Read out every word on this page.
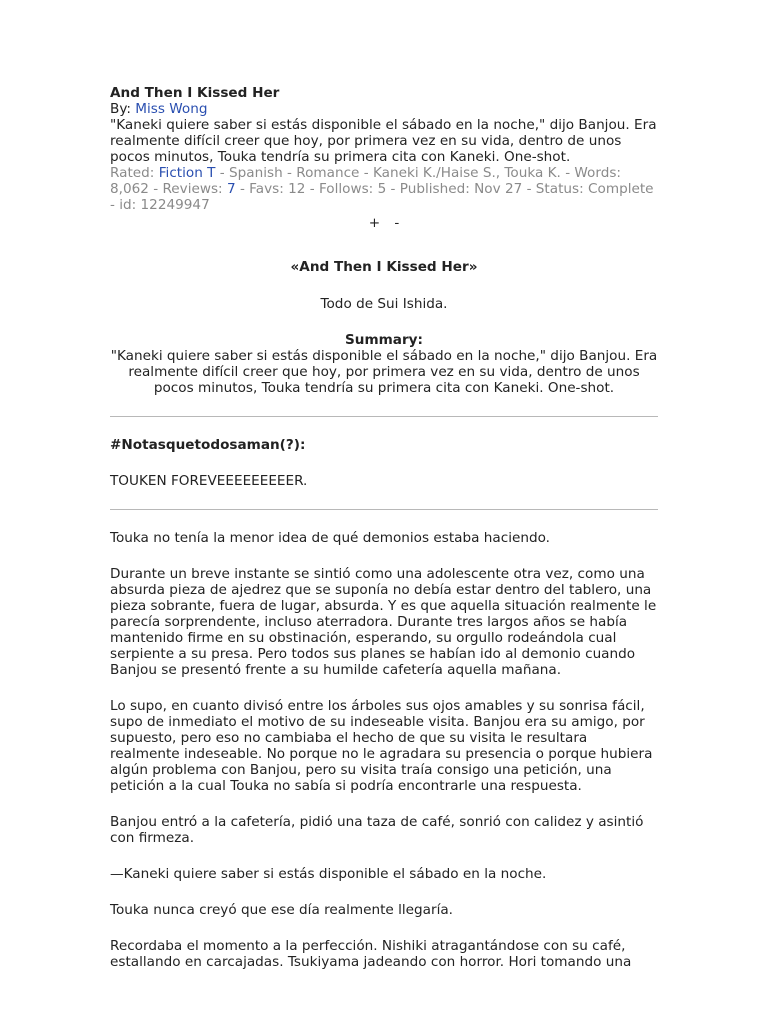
And Then I Kissed Her
By: Miss Wong
"Kaneki quiere saber si estás disponible el sábado en la noche," dijo Banjou. Era realmente difícil creer que hoy, por primera vez en su vida, dentro de unos pocos minutos, Touka tendría su primera cita con Kaneki. One-shot.
Rated: Fiction T - Spanish - Romance - Kaneki K./Haise S., Touka K. - Words: 8,062 - Reviews: 7 - Favs: 12 - Follows: 5 - Published: Nov 27 - Status: Complete - id: 12249947
+ -
«And Then I Kissed Her»
Todo de Sui Ishida.
Summary:
"Kaneki quiere saber si estás disponible el sábado en la noche," dijo Banjou. Era realmente difícil creer que hoy, por primera vez en su vida, dentro de unos pocos minutos, Touka tendría su primera cita con Kaneki. One-shot.
#Notasquetodosaman(?):
TOUKEN FOREVEEEEEEEEER.

Touka no tenía la menor idea de qué demonios estaba haciendo.

Durante un breve instante se sintió como una adolescente otra vez, como una absurda pieza de ajedrez que se suponía no debía estar dentro del tablero, una pieza sobrante, fuera de lugar, absurda. Y es que aquella situación realmente le parecía sorprendente, incluso aterradora. Durante tres largos años se había mantenido firme en su obstinación, esperando, su orgullo rodeándola cual serpiente a su presa. Pero todos sus planes se habían ido al demonio cuando Banjou se presentó frente a su humilde cafetería aquella mañana.

Lo supo, en cuanto divisó entre los árboles sus ojos amables y su sonrisa fácil, supo de inmediato el motivo de su indeseable visita. Banjou era su amigo, por supuesto, pero eso no cambiaba el hecho de que su visita le resultara realmente indeseable. No porque no le agradara su presencia o porque hubiera algún problema con Banjou, pero su visita traía consigo una petición, una petición a la cual Touka no sabía si podría encontrarle una respuesta.

Banjou entró a la cafetería, pidió una taza de café, sonrió con calidez y asintió con firmeza.

—Kaneki quiere saber si estás disponible el sábado en la noche.

Touka nunca creyó que ese día realmente llegaría.

Recordaba el momento a la perfección. Nishiki atragantándose con su café, estallando en carcajadas. Tsukiyama jadeando con horror. Hori tomando una
